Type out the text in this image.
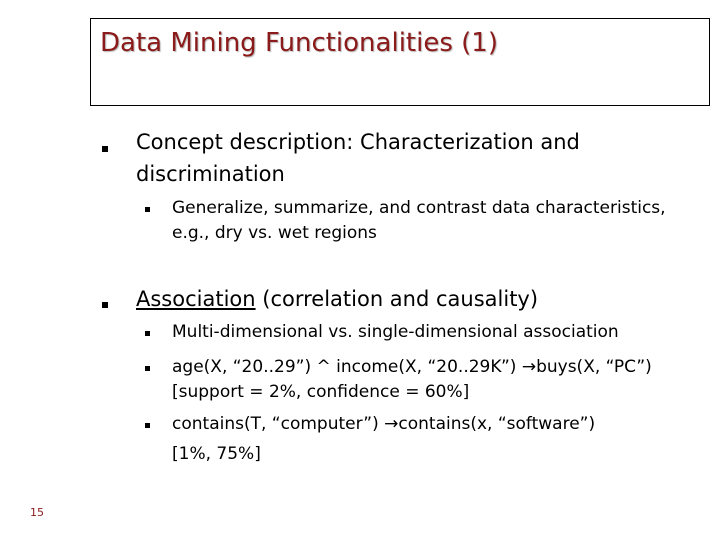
Data Mining Functionalities (1)
Concept description: Characterization and
discrimination
Generalize, summarize, and contrast data characteristics,
e.g., dry vs. wet regions
Association (correlation and causality)
Multi-dimensional vs. single-dimensional association
age(X, “20..29”) ^ income(X, “20..29K”) →buys(X, “PC”)
[support = 2%, confidence = 60%]
contains(T, “computer”) →contains(x, “software”)
[1%, 75%]
15
